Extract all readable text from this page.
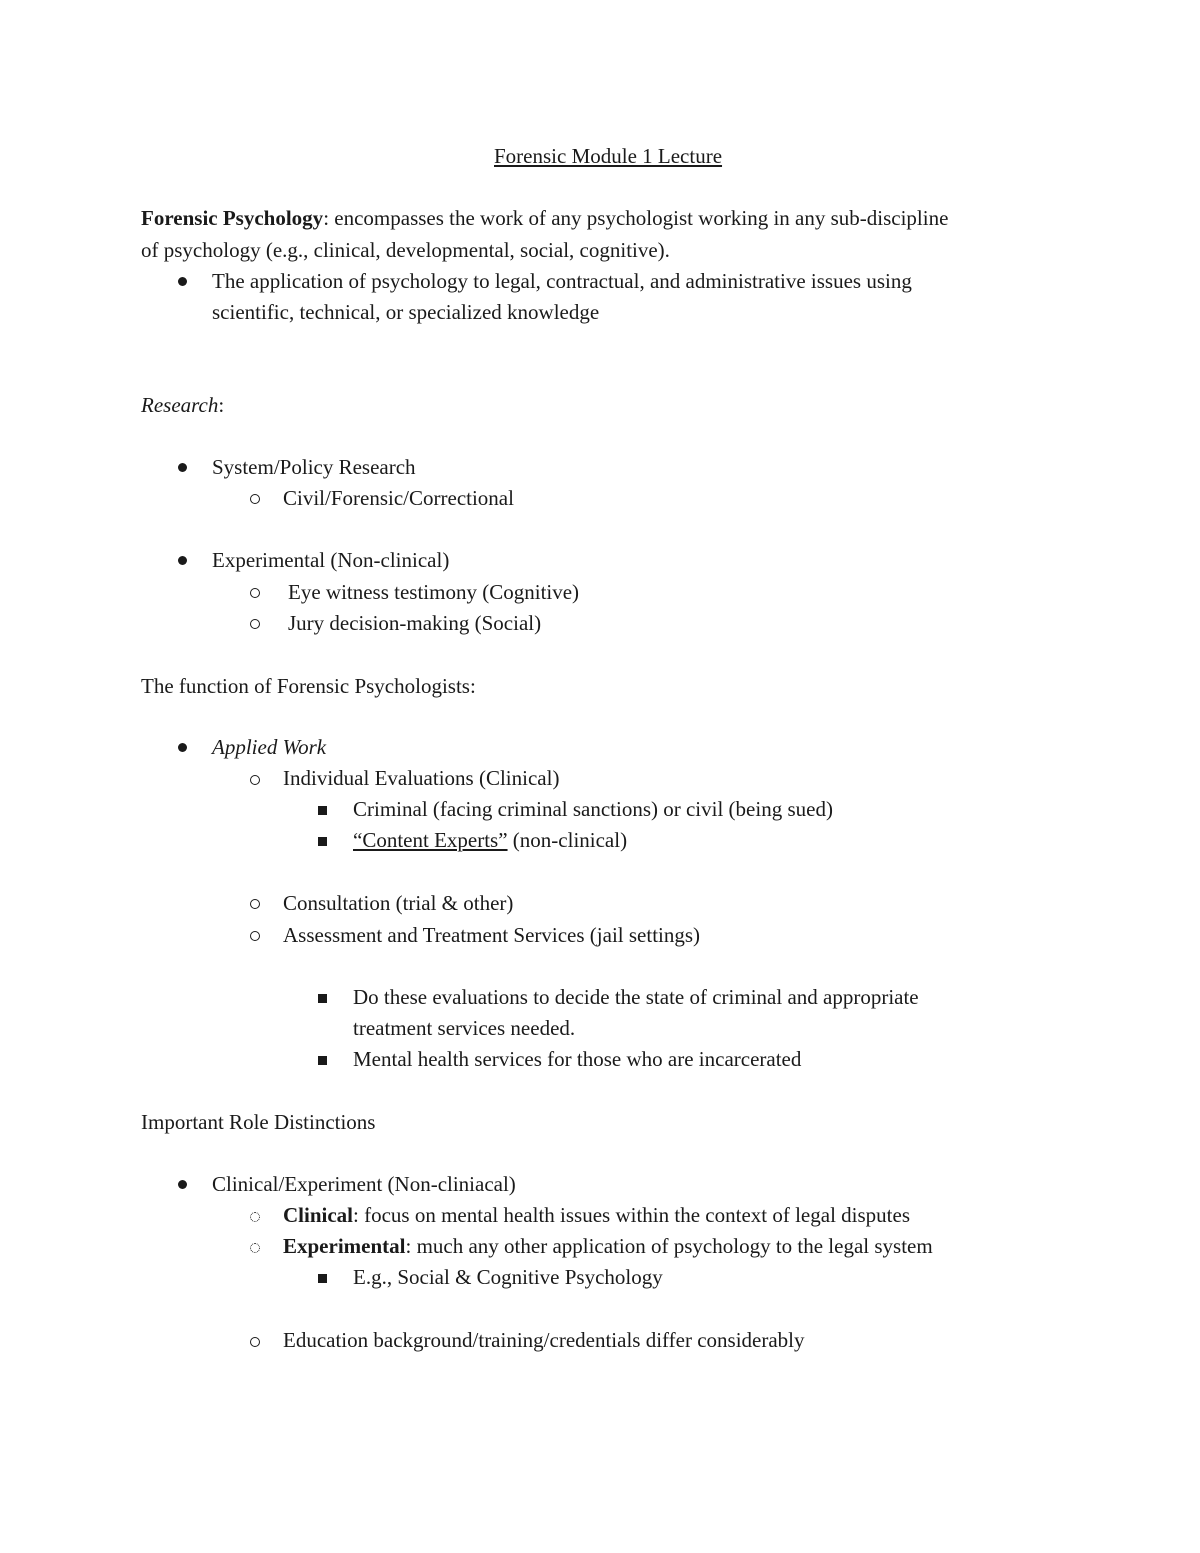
Forensic Module 1 Lecture
Forensic Psychology: encompasses the work of any psychologist working in any sub-discipline
of psychology (e.g., clinical, developmental, social, cognitive).
The application of psychology to legal, contractual, and administrative issues using
scientific, technical, or specialized knowledge
Research:
System/Policy Research
Civil/Forensic/Correctional
Experimental (Non-clinical)
Eye witness testimony (Cognitive)
Jury decision-making (Social)
The function of Forensic Psychologists:
Applied Work
Individual Evaluations (Clinical)
Criminal (facing criminal sanctions) or civil (being sued)
“Content Experts” (non-clinical)
Consultation (trial & other)
Assessment and Treatment Services (jail settings)
Do these evaluations to decide the state of criminal and appropriate
treatment services needed.
Mental health services for those who are incarcerated
Important Role Distinctions
Clinical/Experiment (Non-cliniacal)
Clinical: focus on mental health issues within the context of legal disputes
Experimental: much any other application of psychology to the legal system
E.g., Social & Cognitive Psychology
Education background/training/credentials differ considerably
